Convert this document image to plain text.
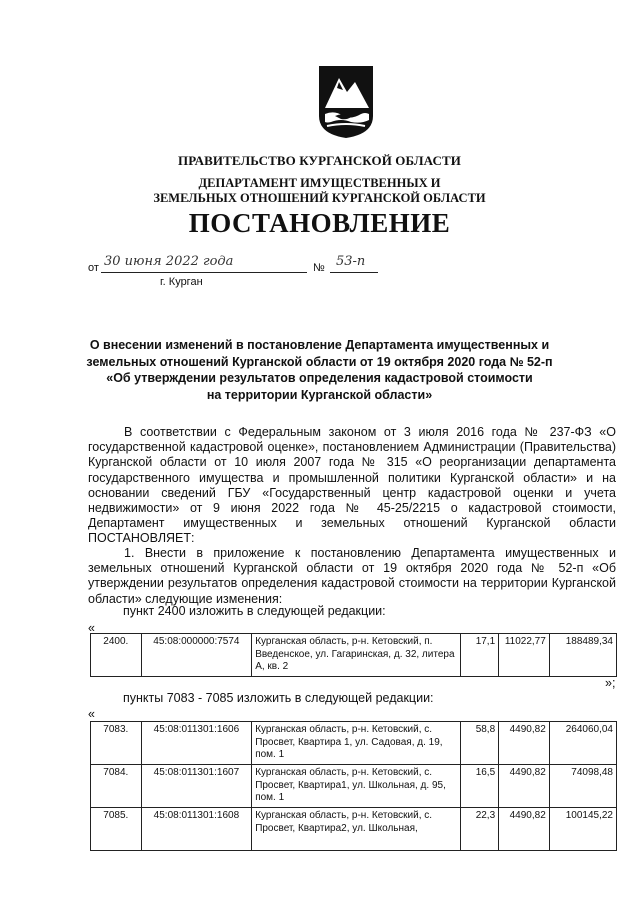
ПРАВИТЕЛЬСТВО КУРГАНСКОЙ ОБЛАСТИ
ДЕПАРТАМЕНТ ИМУЩЕСТВЕННЫХ И
ЗЕМЕЛЬНЫХ ОТНОШЕНИЙ КУРГАНСКОЙ ОБЛАСТИ
ПОСТАНОВЛЕНИЕ
от 30 июня 2022 года	№ 53-п
г. Курган
О внесении изменений в постановление Департамента имущественных и
земельных отношений Курганской области от 19 октября 2020 года № 52-п
«Об утверждении результатов определения кадастровой стоимости
на территории Курганской области»
В соответствии с Федеральным законом от 3 июля 2016 года № 237-ФЗ «О государственной кадастровой оценке», постановлением Администрации (Правительства) Курганской области от 10 июля 2007 года № 315 «О реорганизации департамента государственного имущества и промышленной политики Курганской области» и на основании сведений ГБУ «Государственный центр кадастровой оценки и учета недвижимости» от 9 июня 2022 года № 45-25/2215 о кадастровой стоимости, Департамент имущественных и земельных отношений Курганской области ПОСТАНОВЛЯЕТ:
1. Внести в приложение к постановлению Департамента имущественных и земельных отношений Курганской области от 19 октября 2020 года № 52-п «Об утверждении результатов определения кадастровой стоимости на территории Курганской области» следующие изменения:
пункт 2400 изложить в следующей редакции:
«
2400.	45:08:000000:7574	Курганская область, р-н. Кетовский, п. Введенское, ул. Гагаринская, д. 32, литера А, кв. 2	17,1	11022,77	188489,34
»;
пункты 7083 - 7085 изложить в следующей редакции:
«
7083.	45:08:011301:1606	Курганская область, р-н. Кетовский, с. Просвет, Квартира 1, ул. Садовая, д. 19, пом. 1	58,8	4490,82	264060,04
7084.	45:08:011301:1607	Курганская область, р-н. Кетовский, с. Просвет, Квартира1, ул. Школьная, д. 95, пом. 1	16,5	4490,82	74098,48
7085.	45:08:011301:1608	Курганская область, р-н. Кетовский, с. Просвет, Квартира2, ул. Школьная,	22,3	4490,82	100145,22
